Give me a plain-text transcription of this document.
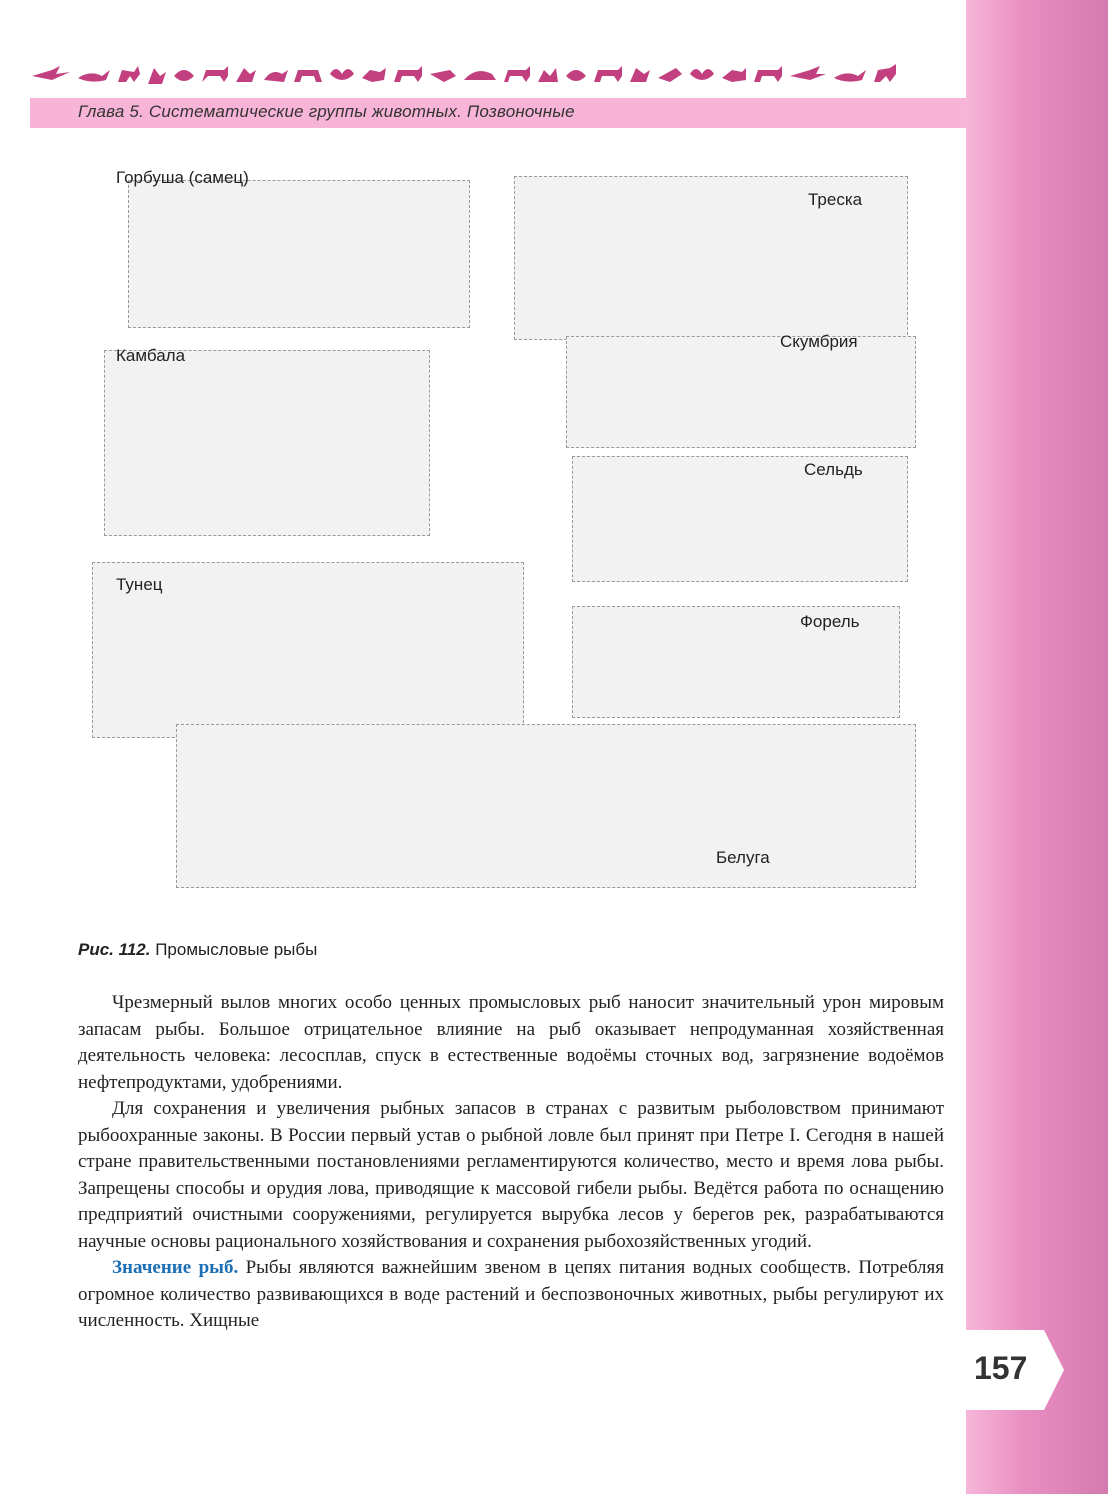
Глава 5. Систематические группы животных. Позвоночные
Горбуша (самец)
Треска
Камбала
Скумбрия
Сельдь
Тунец
Форель
Белуга
Рис. 112. Промысловые рыбы

Чрезмерный вылов многих особо ценных промысловых рыб наносит значительный урон мировым запасам рыбы. Большое отрицательное влияние на рыб оказывает непродуманная хозяйственная деятельность человека: лесосплав, спуск в естественные водоёмы сточных вод, загрязнение водоёмов нефтепродуктами, удобрениями.

Для сохранения и увеличения рыбных запасов в странах с развитым рыболовством принимают рыбоохранные законы. В России первый устав о рыбной ловле был принят при Петре I. Сегодня в нашей стране правительственными постановлениями регламентируются количество, место и время лова рыбы. Запрещены способы и орудия лова, приводящие к массовой гибели рыбы. Ведётся работа по оснащению предприятий очистными сооружениями, регулируется вырубка лесов у берегов рек, разрабатываются научные основы рационального хозяйствования и сохранения рыбохозяйственных угодий.

Значение рыб. Рыбы являются важнейшим звеном в цепях питания водных сообществ. Потребляя огромное количество развивающихся в воде растений и беспозвоночных животных, рыбы регулируют их численность. Хищные

157
